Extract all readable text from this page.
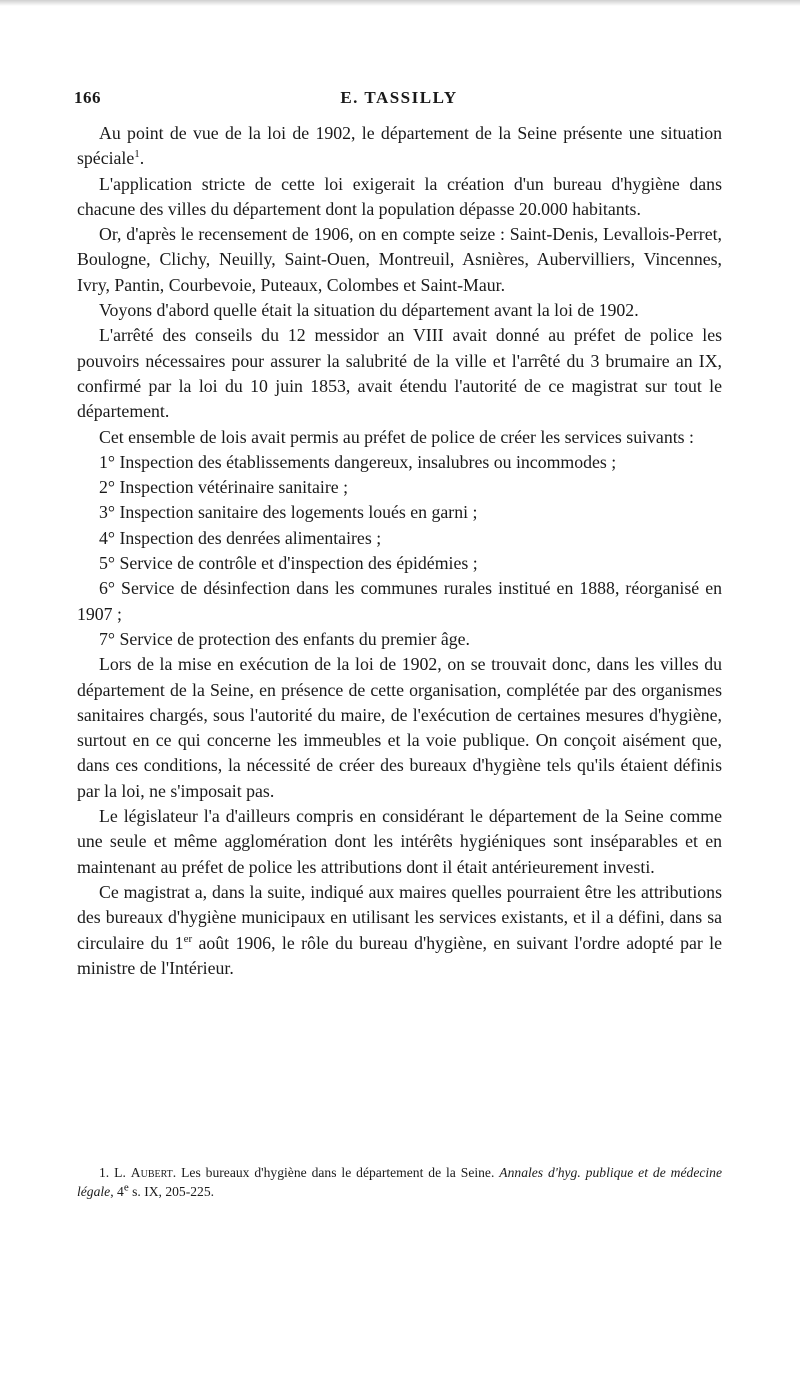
166	E. TASSILLY

Au point de vue de la loi de 1902, le département de la Seine présente une situation spéciale$^1$.

L'application stricte de cette loi exigerait la création d'un bureau d'hygiène dans chacune des villes du département dont la population dépasse 20.000 habitants.

Or, d'après le recensement de 1906, on en compte seize : Saint-Denis, Levallois-Perret, Boulogne, Clichy, Neuilly, Saint-Ouen, Montreuil, Asnières, Aubervilliers, Vincennes, Ivry, Pantin, Courbevoie, Puteaux, Colombes et Saint-Maur.

Voyons d'abord quelle était la situation du département avant la loi de 1902.

L'arrêté des conseils du 12 messidor an VIII avait donné au préfet de police les pouvoirs nécessaires pour assurer la salubrité de la ville et l'arrêté du 3 brumaire an IX, confirmé par la loi du 10 juin 1853, avait étendu l'autorité de ce magistrat sur tout le département.

Cet ensemble de lois avait permis au préfet de police de créer les services suivants :

1° Inspection des établissements dangereux, insalubres ou incommodes ;

2° Inspection vétérinaire sanitaire ;

3° Inspection sanitaire des logements loués en garni ;

4° Inspection des denrées alimentaires ;

5° Service de contrôle et d'inspection des épidémies ;

6° Service de désinfection dans les communes rurales institué en 1888, réorganisé en 1907 ;

7° Service de protection des enfants du premier âge.

Lors de la mise en exécution de la loi de 1902, on se trouvait donc, dans les villes du département de la Seine, en présence de cette organisation, complétée par des organismes sanitaires chargés, sous l'autorité du maire, de l'exécution de certaines mesures d'hygiène, surtout en ce qui concerne les immeubles et la voie publique. On conçoit aisément que, dans ces conditions, la nécessité de créer des bureaux d'hygiène tels qu'ils étaient définis par la loi, ne s'imposait pas.

Le législateur l'a d'ailleurs compris en considérant le département de la Seine comme une seule et même agglomération dont les intérêts hygiéniques sont inséparables et en maintenant au préfet de police les attributions dont il était antérieurement investi.

Ce magistrat a, dans la suite, indiqué aux maires quelles pourraient être les attributions des bureaux d'hygiène municipaux en utilisant les services existants, et il a défini, dans sa circulaire du 1er août 1906, le rôle du bureau d'hygiène, en suivant l'ordre adopté par le ministre de l'Intérieur.

1. L. Aubert. Les bureaux d'hygiène dans le département de la Seine. Annales d'hyg. publique et de médecine légale, 4e s. IX, 205-225.
